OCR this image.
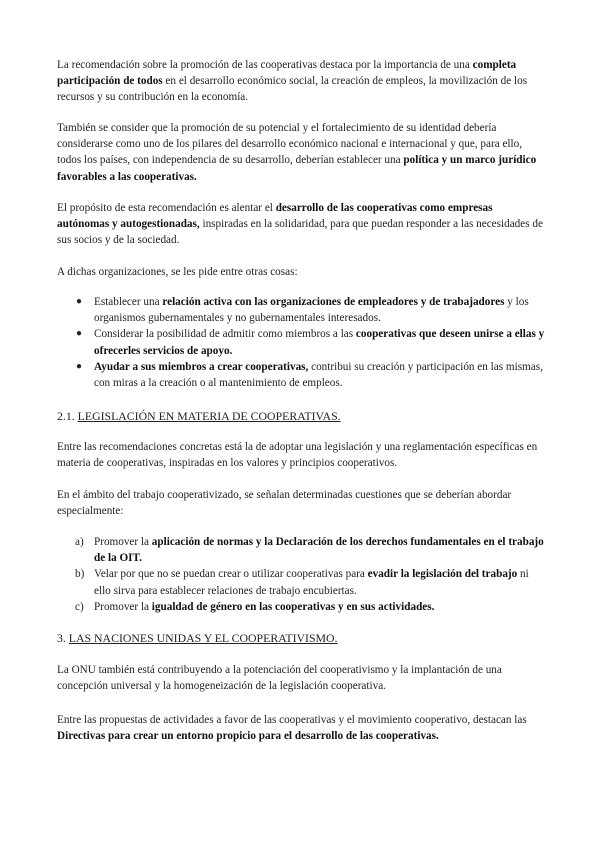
La recomendación sobre la promoción de las cooperativas destaca por la importancia de una completa participación de todos en el desarrollo económico social, la creación de empleos, la movilización de los recursos y su contribución en la economía.

También se consider que la promoción de su potencial y el fortalecimiento de su identidad debería considerarse como uno de los pilares del desarrollo económico nacional e internacional y que, para ello, todos los países, con independencia de su desarrollo, deberían establecer una política y un marco jurídico favorables a las cooperativas.

El propósito de esta recomendación es alentar el desarrollo de las cooperativas como empresas autónomas y autogestionadas, inspiradas en la solidaridad, para que puedan responder a las necesidades de sus socios y de la sociedad.

A dichas organizaciones, se les pide entre otras cosas:

● Establecer una relación activa con las organizaciones de empleadores y de trabajadores y los organismos gubernamentales y no gubernamentales interesados.
● Considerar la posibilidad de admitir como miembros a las cooperativas que deseen unirse a ellas y ofrecerles servicios de apoyo.
● Ayudar a sus miembros a crear cooperativas, contribui su creación y participación en las mismas, con miras a la creación o al mantenimiento de empleos.
2.1. LEGISLACIÓN EN MATERIA DE COOPERATIVAS.

Entre las recomendaciones concretas está la de adoptar una legislación y una reglamentación específicas en materia de cooperativas, inspiradas en los valores y principios cooperativos.

En el ámbito del trabajo cooperativizado, se señalan determinadas cuestiones que se deberían abordar especialmente:

a) Promover la aplicación de normas y la Declaración de los derechos fundamentales en el trabajo de la OIT.
b) Velar por que no se puedan crear o utilizar cooperativas para evadir la legislación del trabajo ni ello sirva para establecer relaciones de trabajo encubiertas.
c) Promover la igualdad de género en las cooperativas y en sus actividades.
3. LAS NACIONES UNIDAS Y EL COOPERATIVISMO.

La ONU también está contribuyendo a la potenciación del cooperativismo y la implantación de una concepción universal y la homogeneización de la legislación cooperativa.

Entre las propuestas de actividades a favor de las cooperativas y el movimiento cooperativo, destacan las Directivas para crear un entorno propicio para el desarrollo de las cooperativas.
